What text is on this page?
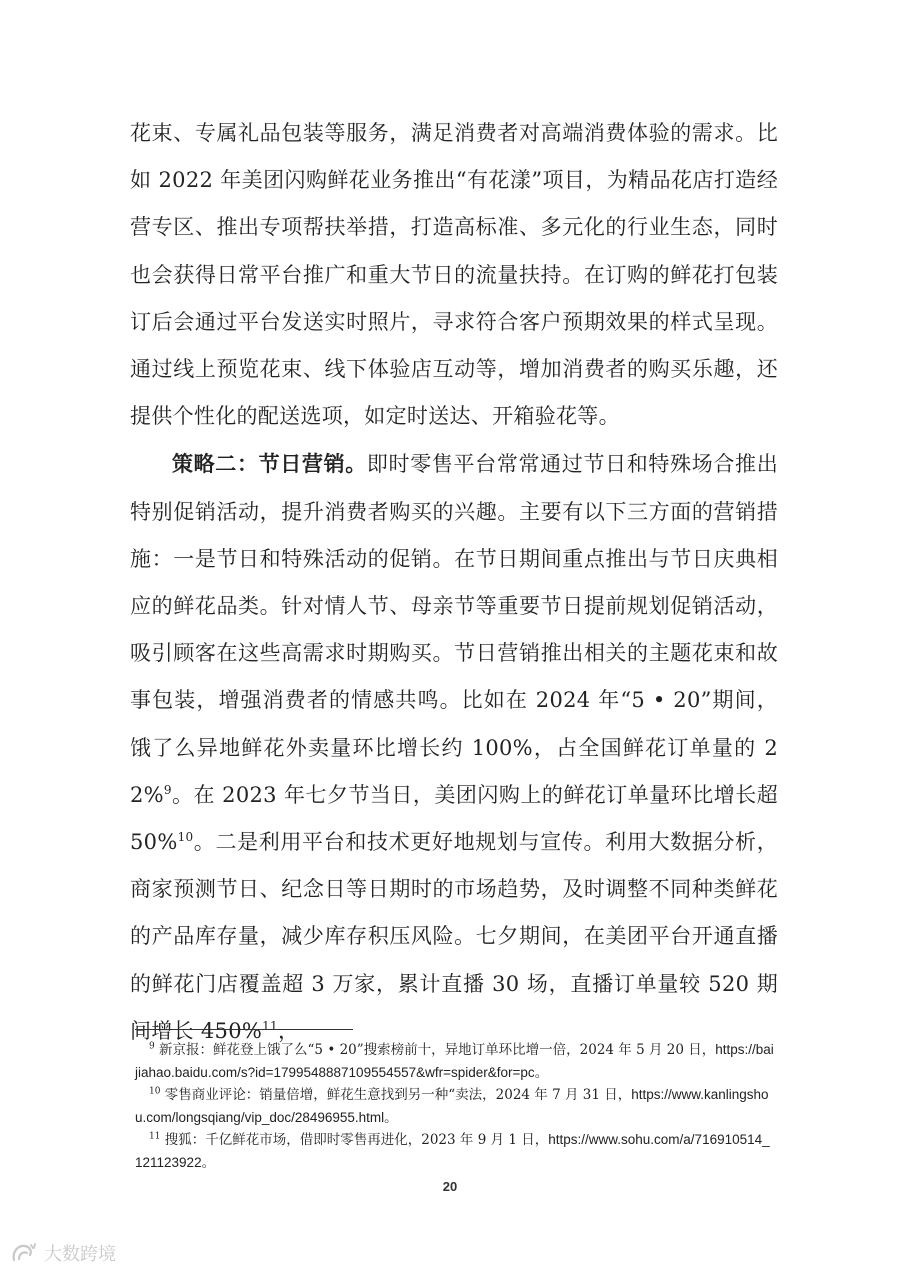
花束、专属礼品包装等服务，满足消费者对高端消费体验的需求。比如 2022 年美团闪购鲜花业务推出“有花漾”项目，为精品花店打造经营专区、推出专项帮扶举措，打造高标准、多元化的行业生态，同时也会获得日常平台推广和重大节日的流量扶持。在订购的鲜花打包装订后会通过平台发送实时照片，寻求符合客户预期效果的样式呈现。通过线上预览花束、线下体验店互动等，增加消费者的购买乐趣，还提供个性化的配送选项，如定时送达、开箱验花等。

策略二：节日营销。即时零售平台常常通过节日和特殊场合推出特别促销活动，提升消费者购买的兴趣。主要有以下三方面的营销措施：一是节日和特殊活动的促销。在节日期间重点推出与节日庆典相应的鲜花品类。针对情人节、母亲节等重要节日提前规划促销活动，吸引顾客在这些高需求时期购买。节日营销推出相关的主题花束和故事包装，增强消费者的情感共鸣。比如在 2024 年“5 • 20”期间，饿了么异地鲜花外卖量环比增长约 100%，占全国鲜花订单量的 22%$^9$。在 2023 年七夕节当日，美团闪购上的鲜花订单量环比增长超 50%$^{10}$。二是利用平台和技术更好地规划与宣传。利用大数据分析，商家预测节日、纪念日等日期时的市场趋势，及时调整不同种类鲜花的产品库存量，减少库存积压风险。七夕期间，在美团平台开通直播的鲜花门店覆盖超 3 万家，累计直播 30 场，直播订单量较 520 期间增长 450%$^{11}$，

$^9$ 新京报：鲜花登上饿了么“5 • 20”搜索榜前十，异地订单环比增一倍，2024 年 5 月 20 日，https://baijiahao.baidu.com/s?id=1799548887109554557&wfr=spider&for=pc。

$^{10}$ 零售商业评论：销量倍增，鲜花生意找到另一种“卖法，2024 年 7 月 31 日，https://www.kanlingshou.com/longsqiang/vip_doc/28496955.html。

$^{11}$ 搜狐：千亿鲜花市场，借即时零售再进化，2023 年 9 月 1 日，https://www.sohu.com/a/716910514_121123922。

20
大数跨境
